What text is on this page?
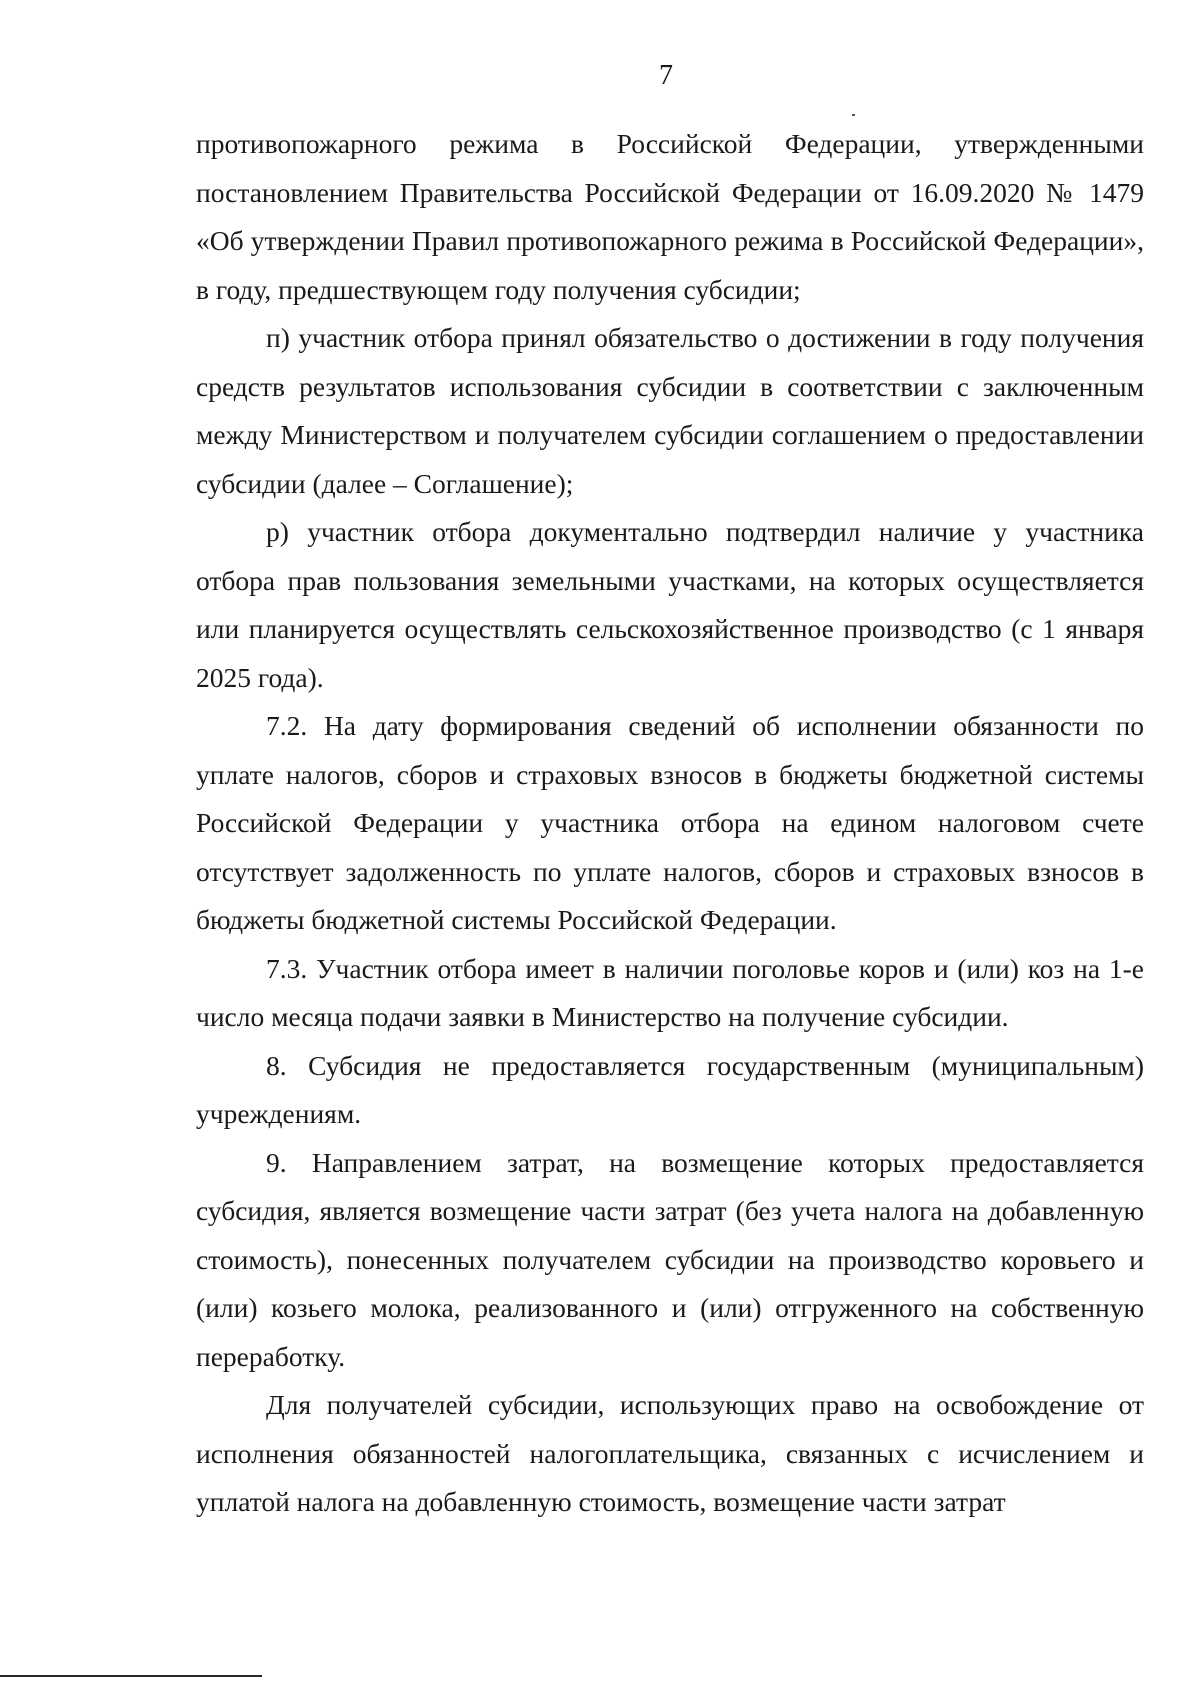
7

противопожарного режима в Российской Федерации, утвержденными постановлением Правительства Российской Федерации от 16.09.2020 № 1479 «Об утверждении Правил противопожарного режима в Российской Федерации», в году, предшествующем году получения субсидии;

п) участник отбора принял обязательство о достижении в году получения средств результатов использования субсидии в соответствии с заключенным между Министерством и получателем субсидии соглашением о предоставлении субсидии (далее – Соглашение);

р) участник отбора документально подтвердил наличие у участника отбора прав пользования земельными участками, на которых осуществляется или планируется осуществлять сельскохозяйственное производство (с 1 января 2025 года).

7.2. На дату формирования сведений об исполнении обязанности по уплате налогов, сборов и страховых взносов в бюджеты бюджетной системы Российской Федерации у участника отбора на едином налоговом счете отсутствует задолженность по уплате налогов, сборов и страховых взносов в бюджеты бюджетной системы Российской Федерации.

7.3. Участник отбора имеет в наличии поголовье коров и (или) коз на 1-е число месяца подачи заявки в Министерство на получение субсидии.

8. Субсидия не предоставляется государственным (муниципальным) учреждениям.

9. Направлением затрат, на возмещение которых предоставляется субсидия, является возмещение части затрат (без учета налога на добавленную стоимость), понесенных получателем субсидии на производство коровьего и (или) козьего молока, реализованного и (или) отгруженного на собственную переработку.

Для получателей субсидии, использующих право на освобождение от исполнения обязанностей налогоплательщика, связанных с исчислением и уплатой налога на добавленную стоимость, возмещение части затрат
